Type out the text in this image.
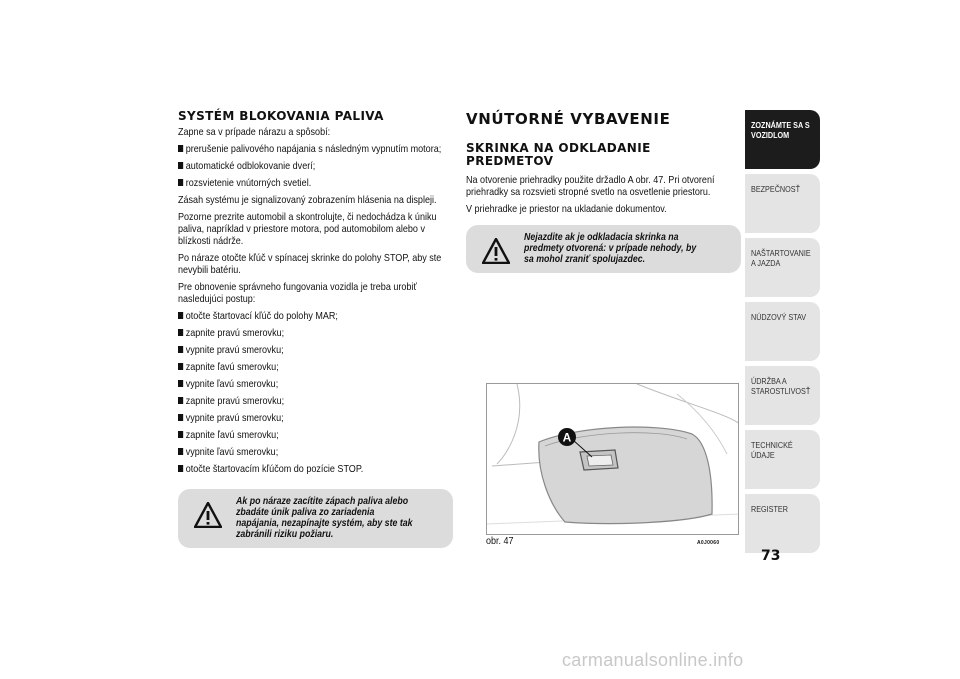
SYSTÉM BLOKOVANIA PALIVA
Zapne sa v prípade nárazu a spôsobí:
prerušenie palivového napájania s následným vypnutím motora;
automatické odblokovanie dverí;
rozsvietenie vnútorných svetiel.
Zásah systému je signalizovaný zobrazením hlásenia na displeji.
Pozorne prezrite automobil a skontrolujte, či nedochádza k úniku paliva, napríklad v priestore motora, pod automobilom alebo v blízkosti nádrže.
Po náraze otočte kľúč v spínacej skrinke do polohy STOP, aby ste nevybili batériu.
Pre obnovenie správneho fungovania vozidla je treba urobiť nasledujúci postup:
otočte štartovací kľúč do polohy MAR;
zapnite pravú smerovku;
vypnite pravú smerovku;
zapnite ľavú smerovku;
vypnite ľavú smerovku;
zapnite pravú smerovku;
vypnite pravú smerovku;
zapnite ľavú smerovku;
vypnite ľavú smerovku;
otočte štartovacím kľúčom do pozície STOP.
Ak po náraze zacítite zápach paliva alebo zbadáte únik paliva zo zariadenia napájania, nezapínajte systém, aby ste tak zabránili riziku požiaru.
VNÚTORNÉ VYBAVENIE
SKRINKA NA ODKLADANIE PREDMETOV
Na otvorenie priehradky použite držadlo A obr. 47. Pri otvorení priehradky sa rozsvieti stropné svetlo na osvetlenie priestoru.
V priehradke je priestor na ukladanie dokumentov.
Nejazdite ak je odkladacia skrinka na predmety otvorená: v prípade nehody, by sa mohol zraniť spolujazdec.
A
obr. 47	A0J0060
ZOZNÁMTE SA S VOZIDLOM
BEZPEČNOSŤ
NAŠTARTOVANIE A JAZDA
NÚDZOVÝ STAV
ÚDRŽBA A STAROSTLIVOSŤ
TECHNICKÉ ÚDAJE
REGISTER
73
carmanualsonline.info
